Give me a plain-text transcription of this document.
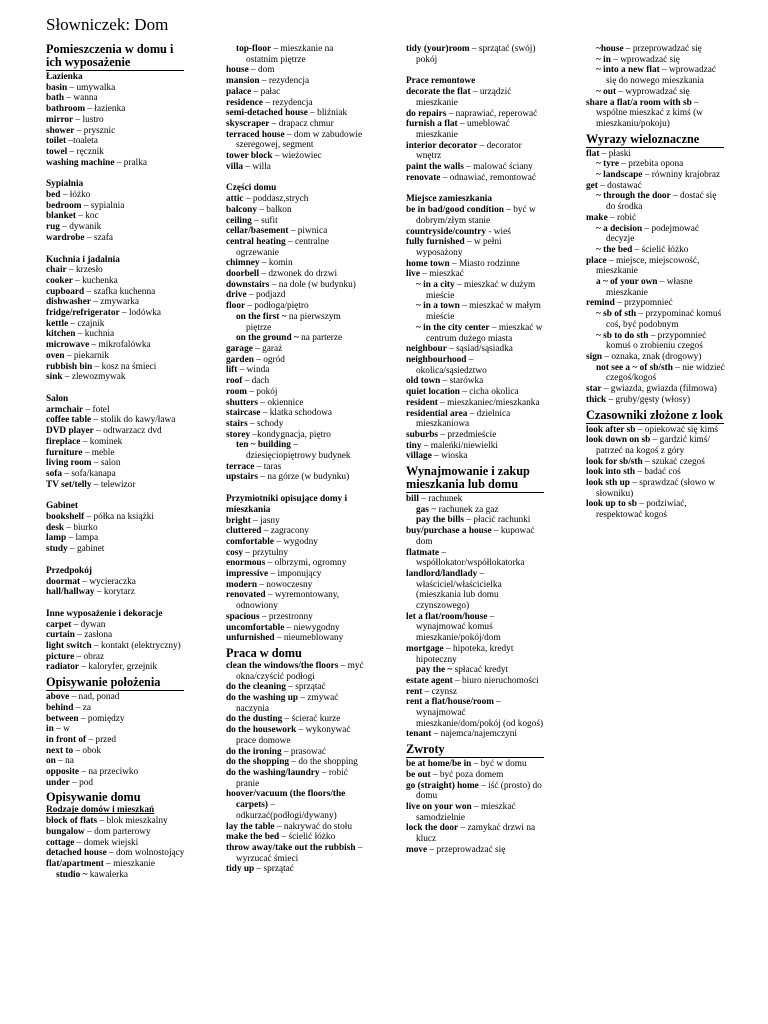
Słowniczek: Dom
Pomieszczenia w domu i ich wyposażenie
Łazienka
basin – umywalka
bath – wanna
bathroom – łazienka
mirror – lustro
shower – prysznic
toilet –toaleta
towel – ręcznik
washing machine – pralka
Sypialnia
bed – łóżko
bedroom – sypialnia
blanket – koc
rug – dywanik
wardrobe – szafa
Kuchnia i jadalnia
chair – krzesło
cooker – kuchenka
cupboard – szafka kuchenna
dishwasher – zmywarka
fridge/refrigerator – lodówka
kettle – czajnik
kitchen – kuchnia
microwave – mikrofalówka
oven – piekarnik
rubbish bin – kosz na śmieci
sink – zlewozmywak
Salon
armchair – fotel
coffee table – stolik do kawy/ława
DVD player – odtwarzacz dvd
fireplace – kominek
furniture – meble
living room – salon
sofa – sofa/kanapa
TV set/telly – telewizor
Gabinet
bookshelf – półka na książki
desk – biurko
lamp – lampa
study – gabinet
Przedpokój
doormat – wycieraczka
hall/hallway – korytarz
Inne wyposażenie i dekoracje
carpet – dywan
curtain – zasłona
light switch – kontakt (elektryczny)
picture – obraz
radiator – kaloryfer, grzejnik
Opisywanie położenia
above – nad, ponad
behind – za
between – pomiędzy
in – w
in front of – przed
next to – obok
on – na
opposite – na przeciwko
under – pod
Opisywanie domu
Rodzaje domów i mieszkań
block of flats – blok mieszkalny
bungalow – dom parterowy
cottage – domek wiejski
detached house – dom wolnostojący
flat/apartment – mieszkanie
studio ~ kawalerka
top-floor – mieszkanie na ostatnim piętrze
house – dom
mansion – rezydencja
palace – pałac
residence – rezydencja
semi-detached house – bliźniak
skyscraper – drapacz chmur
terraced house – dom w zabudowie szeregowej, segment
tower block – wieżowiec
villa – willa
Części domu
attic – poddasz,strych
balcony – balkon
ceiling – sufit
cellar/basement – piwnica
central heating – centralne ogrzewanie
chimney – komin
doorbell – dzwonek do drzwi
downstairs – na dole (w budynku)
drive – podjazd
floor – podłoga/piętro
on the first ~ na pierwszym piętrze
on the ground ~ na parterze
garage – garaż
garden – ogród
lift – winda
roof – dach
room – pokój
shutters – okiennice
staircase – klatka schodowa
stairs – schody
storey –kondygnacja, piętro
ten ~ building – dziesięciopiętrowy budynek
terrace – taras
upstairs – na górze (w budynku)
Przymiotniki opisujące domy i mieszkania
bright – jasny
cluttered – zagracony
comfortable – wygodny
cosy – przytulny
enormous – olbrzymi, ogromny
impressive – imponujący
modern – nowoczesny
renovated – wyremontowany, odnowiony
spacious – przestronny
uncomfortable – niewygodny
unfurnished – nieumeblowany
Praca w domu
clean the windows/the floors – myć okna/czyścić podłogi
do the cleaning – sprzątać
do the washing up – zmywać naczynia
do the dusting – ścierać kurze
do the housework – wykonywać prace domowe
do the ironing – prasować
do the shopping – do the shopping
do the washing/laundry – robić pranie
hoover/vacuum (the floors/the carpets) – odkurzać(podłogi/dywany)
lay the table – nakrywać do stołu
make the bed – ścielić łóżko
throw away/take out the rubbish – wyrzucać śmieci
tidy up – sprzątać
tidy (your)room – sprzątać (swój) pokój
Prace remontowe
decorate the flat – urządzić mieszkanie
do repairs – naprawiać, reperować
furnish a flat – umeblować mieszkanie
interior decorator – decorator wnętrz
paint the walls – malować ściany
renovate – odnawiać, remontować
Miejsce zamieszkania
be in bad/good condition – być w dobrym/złym stanie
countryside/country - wieś
fully furnished – w pełni wyposażony
home town – Miasto rodzinne
live – mieszkać
~ in a city – mieszkać w dużym mieście
~ in a town – mieszkać w małym mieście
~ in the city center – mieszkać w centrum dużego miasta
neighbour – sąsiad/sąsiadka
neighbourhood – okolica/sąsiedztwo
old town – starówka
quiet location – cicha okolica
resident – mieszkaniec/mieszkanka
residential area – dzielnica mieszkaniowa
suburbs – przedmieście
tiny – maleńki/niewielki
village – wioska
Wynajmowanie i zakup mieszkania lub domu
bill – rachunek
gas ~ rachunek za gaz
pay the bills – płacić rachunki
buy/purchase a house – kupować dom
flatmate – współlokator/współlokatorka
landlord/landlady – właściciel/właścicielka (mieszkania lub domu czynszowego)
let a flat/room/house – wynajmować komuś mieszkanie/pokój/dom
mortgage – hipoteka, kredyt hipoteczny
pay the ~ spłacać kredyt
estate agent – biuro nieruchomości
rent – czynsz
rent a flat/house/room – wynajmować mieszkanie/dom/pokój (od kogoś)
tenant – najemca/najemczyni
Zwroty
be at home/be in – być w domu
be out – być poza domem
go (straight) home – iść (prosto) do domu
live on your won – mieszkać samodzielnie
lock the door – zamykać drzwi na klucz
move – przeprowadzać się
~house – przeprowadzać się
~ in – wprowadzać się
~ into a new flat – wprowadzać się do nowego mieszkania
~ out – wyprowadzać się
share a flat/a room with sb – wspólne mieszkać z kimś (w mieszkaniu/pokoju)
Wyrazy wieloznaczne
flat – płaski
~ tyre – przebita opona
~ landscape – równiny krajobraz
get – dostawać
~ through the door – dostać się do środka
make – robić
~ a decision – podejmować decyzje
~ the bed – ścielić łóżko
place – miejsce, miejscowość, mieszkanie
a ~ of your own – własne mieszkanie
remind – przypomnieć
~ sb of sth – przypominać komuś coś, być podobnym
~ sb to do sth – przypomnieć komuś o zrobieniu czegoś
sign – oznaka, znak (drogowy)
not see a ~ of sb/sth – nie widzieć czegoś/kogoś
star – gwiazda, gwiazda (filmowa)
thick – gruby/gęsty (włosy)
Czasowniki złożone z look
look after sb – opiekować się kimś
look down on sb – gardzić kimś/ patrzeć na kogoś z góry
look for sb/sth – szukać czegoś
look into sth – badać coś
look sth up – sprawdzać (słowo w słowniku)
look up to sb – podziwiać, respektować kogoś
